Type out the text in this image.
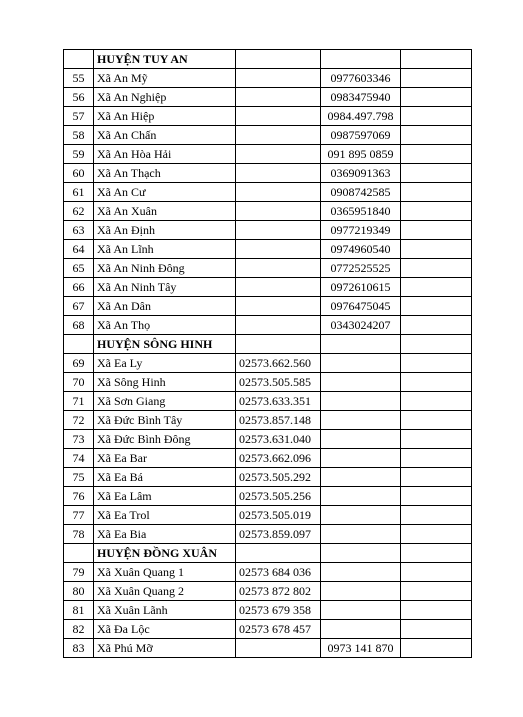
	HUYỆN TUY AN			
55	Xã An Mỹ		0977603346	
56	Xã An Nghiệp		0983475940	
57	Xã An Hiệp		0984.497.798	
58	Xã An Chấn		0987597069	
59	Xã An Hòa Hải		091 895 0859	
60	Xã An Thạch		0369091363	
61	Xã An Cư		0908742585	
62	Xã An Xuân		0365951840	
63	Xã An Định		0977219349	
64	Xã An Lĩnh		0974960540	
65	Xã An Ninh Đông		0772525525	
66	Xã An Ninh Tây		0972610615	
67	Xã An Dân		0976475045	
68	Xã An Thọ		0343024207	
	HUYỆN SÔNG HINH			
69	Xã Ea Ly	02573.662.560		
70	Xã Sông Hinh	02573.505.585		
71	Xã Sơn Giang	02573.633.351		
72	Xã Đức Bình Tây	02573.857.148		
73	Xã Đức Bình Đông	02573.631.040		
74	Xã Ea Bar	02573.662.096		
75	Xã Ea Bá	02573.505.292		
76	Xã Ea Lâm	02573.505.256		
77	Xã Ea Trol	02573.505.019		
78	Xã Ea Bia	02573.859.097		
	HUYỆN ĐỒNG XUÂN			
79	Xã Xuân Quang 1	02573 684 036		
80	Xã Xuân Quang 2	02573 872 802		
81	Xã Xuân Lãnh	02573 679 358		
82	Xã Đa Lộc	02573 678 457		
83	Xã Phú Mỡ		0973 141 870	
